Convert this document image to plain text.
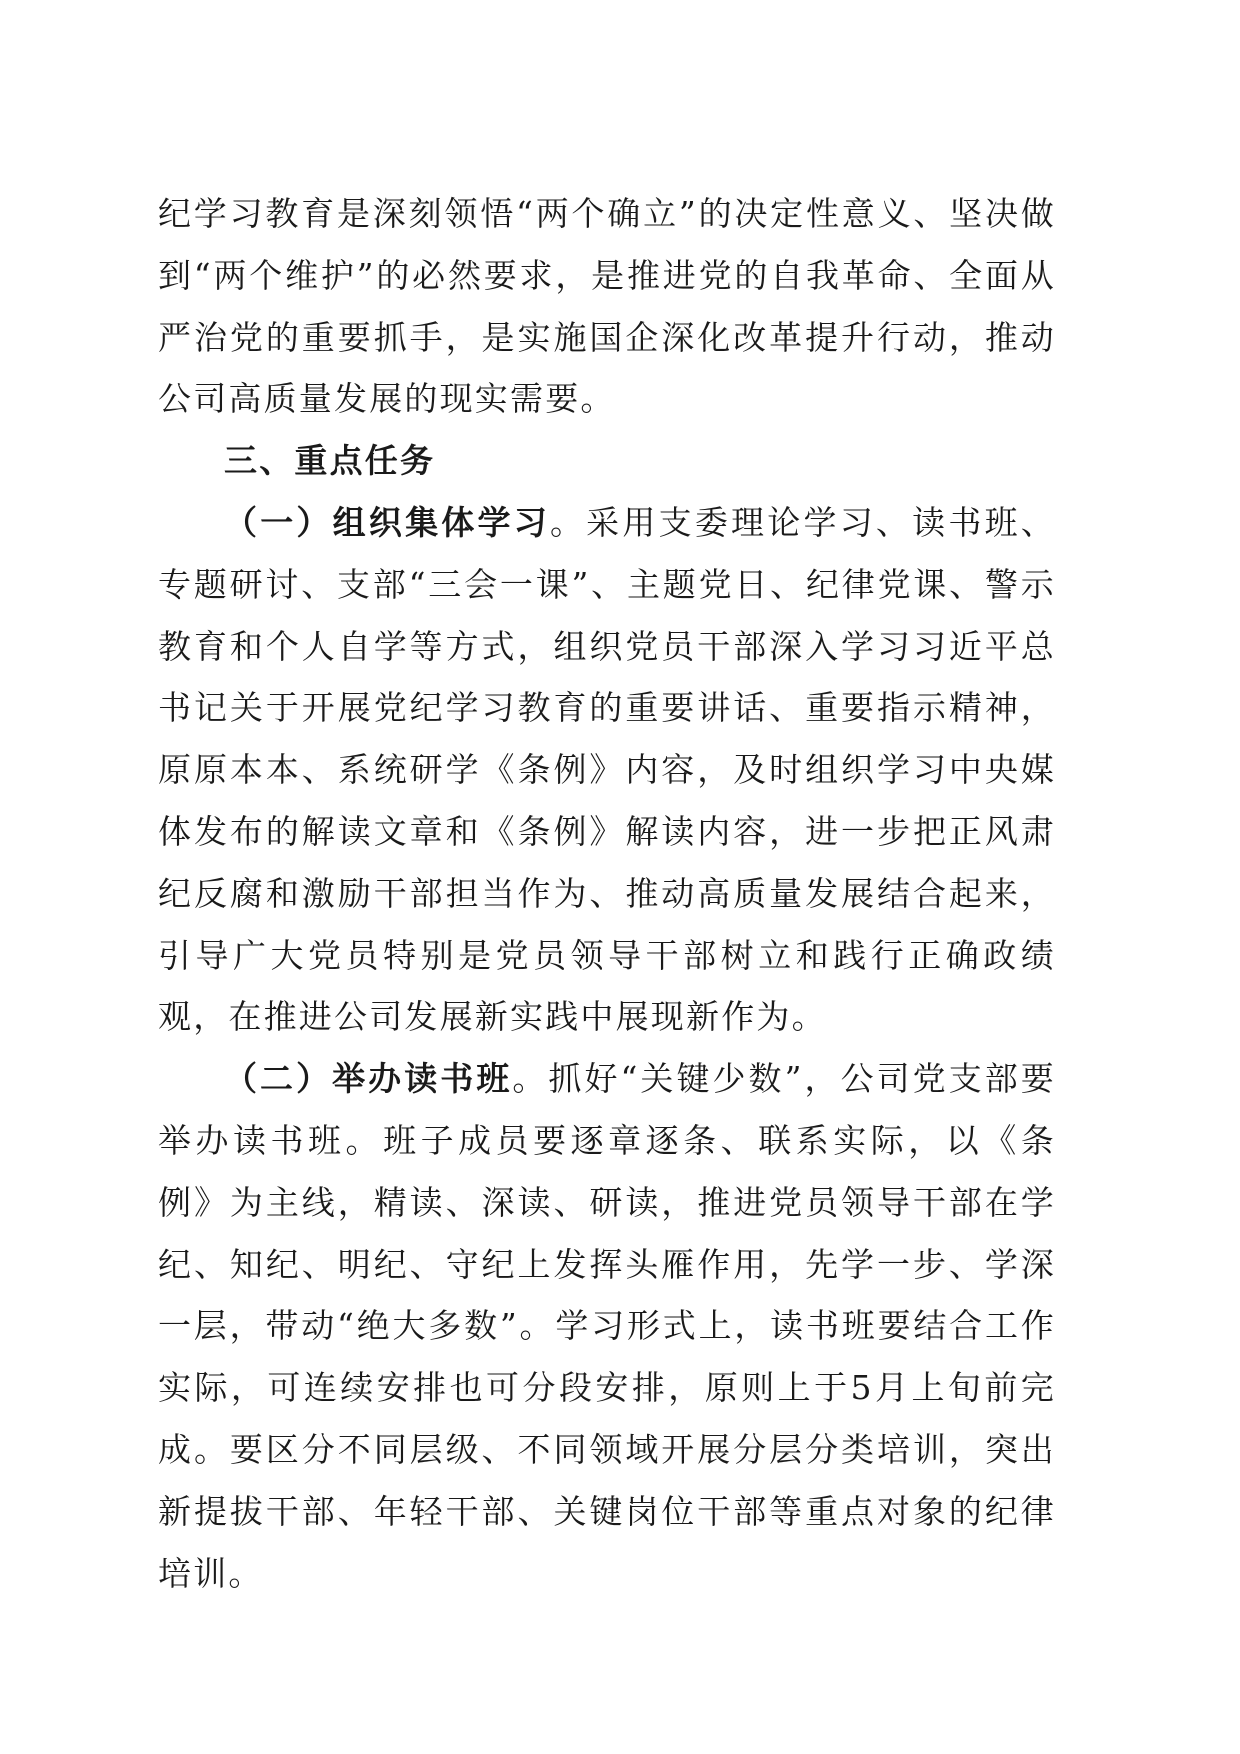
纪学习教育是深刻领悟“两个确立”的决定性意义、坚决做到“两个维护”的必然要求，是推进党的自我革命、全面从严治党的重要抓手，是实施国企深化改革提升行动，推动公司高质量发展的现实需要。

三、重点任务

（一）组织集体学习。采用支委理论学习、读书班、专题研讨、支部“三会一课”、主题党日、纪律党课、警示教育和个人自学等方式，组织党员干部深入学习习近平总书记关于开展党纪学习教育的重要讲话、重要指示精神，原原本本、系统研学《条例》内容，及时组织学习中央媒体发布的解读文章和《条例》解读内容，进一步把正风肃纪反腐和激励干部担当作为、推动高质量发展结合起来，引导广大党员特别是党员领导干部树立和践行正确政绩观，在推进公司发展新实践中展现新作为。

（二）举办读书班。抓好“关键少数”，公司党支部要举办读书班。班子成员要逐章逐条、联系实际，以《条例》为主线，精读、深读、研读，推进党员领导干部在学纪、知纪、明纪、守纪上发挥头雁作用，先学一步、学深一层，带动“绝大多数”。学习形式上，读书班要结合工作实际，可连续安排也可分段安排，原则上于5月上旬前完成。要区分不同层级、不同领域开展分层分类培训，突出新提拔干部、年轻干部、关键岗位干部等重点对象的纪律培训。
